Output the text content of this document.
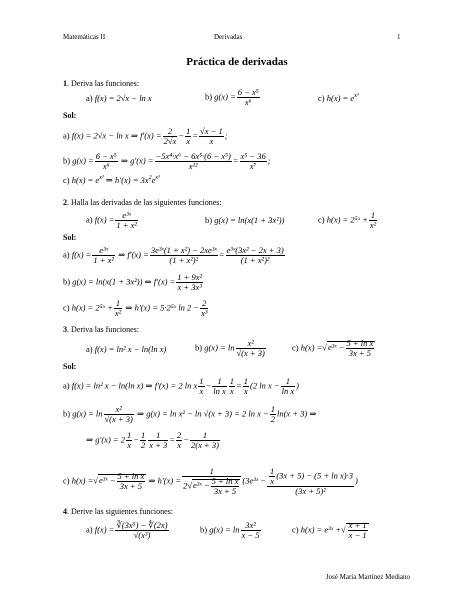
Matemáticas II	Derivadas	1
Práctica de derivadas
1. Deriva las funciones:
a) f(x) = 2√x − ln x	b) $g(x) = \frac{\text{6 − x⁵}}{\text{x⁶}}$	c) $h(x) = e^{x^3}$
Sol:
a) f(x) = 2√x − ln x ⇒ $f'(x) = \frac{2}{2√x} - \frac{1}{x} = \frac{√x - 1}{x}$ ;
b) $g(x) = \frac{\text{6 − x⁵}}{\text{x⁶}}$ ⇒ $g'(x) = \frac{\text{−5x⁴·x⁶ − 6x⁵·(6 − x⁵)}}{\text{x¹²}} = \frac{\text{x⁵ − 36}}{\text{x⁷}}$ ;
c) $h(x) = e^{x^3}$ ⇒ $h'(x) = 3x^2e^{x^3}$
2. Halla las derivadas de las siguientes funciones:
a) $f(x) = \frac{\text{e³ˣ}}{\text{1 + x²}}$	b) g(x) = ln(x(1 + 3x²))	c) h(x) = 2⁵ˣ + $\frac{1}{\text{x²}}$
Sol:
a) $f(x) = \frac{\text{e³ˣ}}{\text{1 + x²}}$ ⇒ $f'(x) = \frac{\text{3e³ˣ(1 + x²) − 2xe³ˣ}}{\text{(1 + x²)²}} = \frac{\text{e³ˣ(3x² − 2x + 3)}}{\text{(1 + x²)²}}$
b) g(x) = ln(x(1 + 3x²)) ⇒ $f'(x) = \frac{\text{1 + 9x²}}{\text{x + 3x³}}$
c) h(x) = 2⁵ˣ + $\frac{1}{\text{x²}}$ ⇒ h′(x) = 5·2⁵ˣ $\ln 2 - \frac{2}{\text{x³}}$
3. Deriva las funciones:
a) f(x) = ln² x − ln(ln x)	b) $g(x) = \ln \frac{\text{x²}}{√(x + 3)}$	c) h(x) =√e³ˣ − $\frac{\text{5 + ln x}}{3x + 5}$
Sol:
a) f(x) = ln² x − ln(ln x) ⇒ f′(x) = 2 ln x $\frac{1}{x} - \frac{1}{\text{ln x}} \frac{1}{x} = \frac{1}{x} (2$ $\ln x - \frac{1}{\text{ln x}}$ )
b) $g(x) = \ln \frac{\text{x²}}{√(x + 3)}$ ⇒ g(x) = ln x² − ln √(x + 3) = 2 $\ln x - \frac{1}{2} \ln(x + 3)$ ⇒
⇒ $g'(x) = 2 \frac{1}{x} - \frac{1}{2} \frac{1}{x + 3} = \frac{2}{x} - \frac{1}{2(x + 3)}$
c) h(x) =√e³ˣ − $\frac{\text{5 + ln x}}{3x + 5}$ ⇒ $h'(x) = \frac{1}{2√e^3ˣ - \frac{\text{5 + ln x}}{3x + 5}}$ (3e³ˣ − $\frac{\frac{1}{x} (3x + 5) - (5 + \ln x)\cdot 3}{\text{(3x + 5)²}}$ )
4. Derive las siguientes funciones:
a) $f(x) = \frac{\text{∛(3x⁵) − ∜(2x)}}{\text{√(x³)}}$	b) $g(x) = \ln \frac{\text{3x²}}{x - 5}$	c) h(x) = e³ˣ +√ $\frac{x + 1}{x - 1}$
José María Martínez Mediano
